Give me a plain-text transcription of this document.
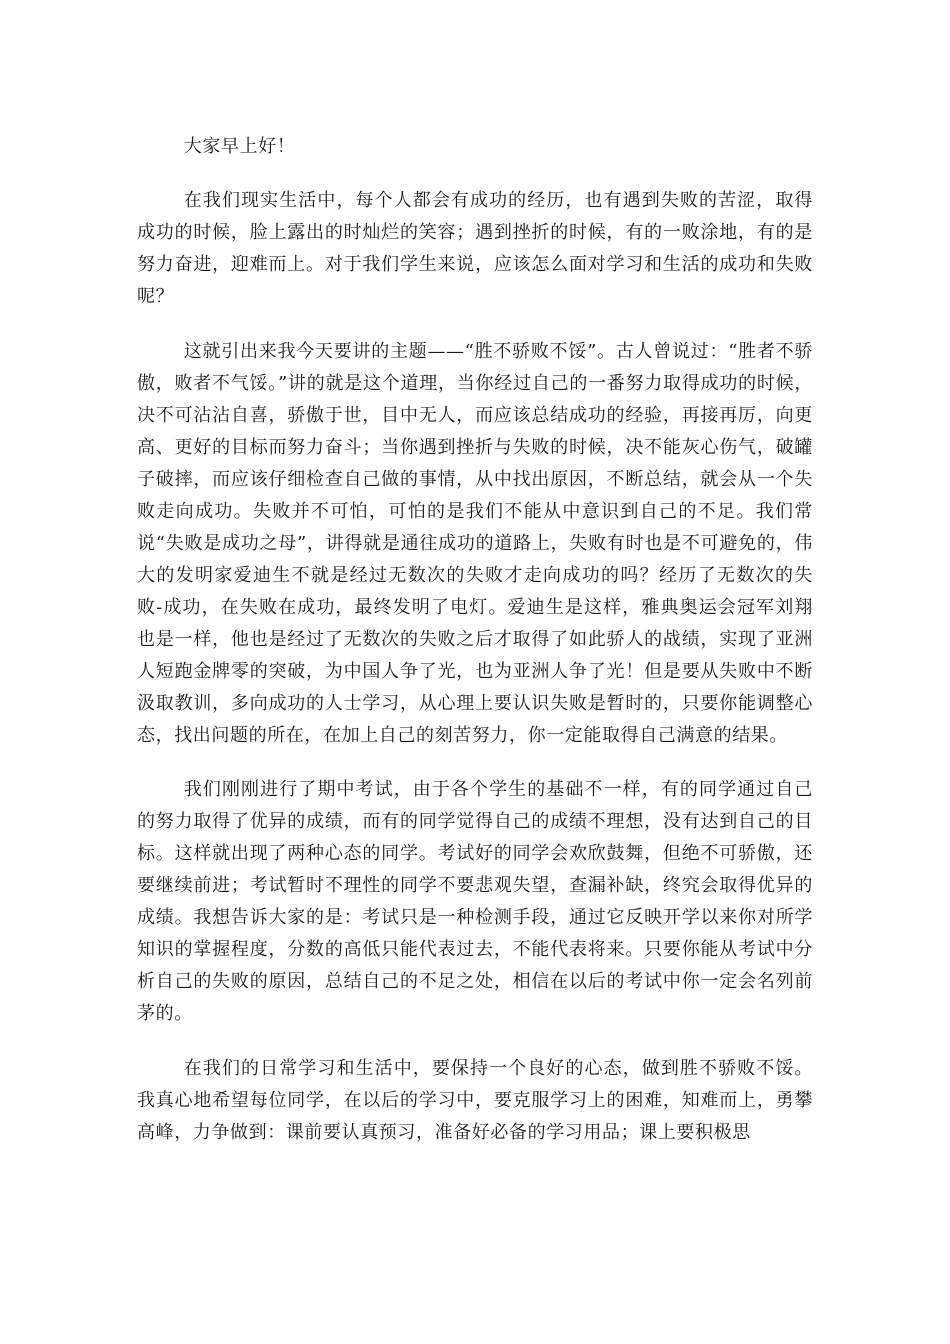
大家早上好！

在我们现实生活中，每个人都会有成功的经历，也有遇到失败的苦涩，取得成功的时候，脸上露出的时灿烂的笑容；遇到挫折的时候，有的一败涂地，有的是努力奋进，迎难而上。对于我们学生来说，应该怎么面对学习和生活的成功和失败呢？

这就引出来我今天要讲的主题——“胜不骄败不馁”。古人曾说过：“胜者不骄傲，败者不气馁。”讲的就是这个道理，当你经过自己的一番努力取得成功的时候，决不可沾沾自喜，骄傲于世，目中无人，而应该总结成功的经验，再接再厉，向更高、更好的目标而努力奋斗；当你遇到挫折与失败的时候，决不能灰心伤气，破罐子破摔，而应该仔细检查自己做的事情，从中找出原因，不断总结，就会从一个失败走向成功。失败并不可怕，可怕的是我们不能从中意识到自己的不足。我们常说“失败是成功之母”，讲得就是通往成功的道路上，失败有时也是不可避免的，伟大的发明家爱迪生不就是经过无数次的失败才走向成功的吗？经历了无数次的失败-成功，在失败在成功，最终发明了电灯。爱迪生是这样，雅典奥运会冠军刘翔也是一样，他也是经过了无数次的失败之后才取得了如此骄人的战绩，实现了亚洲人短跑金牌零的突破，为中国人争了光，也为亚洲人争了光！但是要从失败中不断汲取教训，多向成功的人士学习，从心理上要认识失败是暂时的，只要你能调整心态，找出问题的所在，在加上自己的刻苦努力，你一定能取得自己满意的结果。

我们刚刚进行了期中考试，由于各个学生的基础不一样，有的同学通过自己的努力取得了优异的成绩，而有的同学觉得自己的成绩不理想，没有达到自己的目标。这样就出现了两种心态的同学。考试好的同学会欢欣鼓舞，但绝不可骄傲，还要继续前进；考试暂时不理性的同学不要悲观失望，查漏补缺，终究会取得优异的成绩。我想告诉大家的是：考试只是一种检测手段，通过它反映开学以来你对所学知识的掌握程度，分数的高低只能代表过去，不能代表将来。只要你能从考试中分析自己的失败的原因，总结自己的不足之处，相信在以后的考试中你一定会名列前茅的。

在我们的日常学习和生活中，要保持一个良好的心态，做到胜不骄败不馁。我真心地希望每位同学，在以后的学习中，要克服学习上的困难，知难而上，勇攀高峰，力争做到：课前要认真预习，准备好必备的学习用品；课上要积极思
